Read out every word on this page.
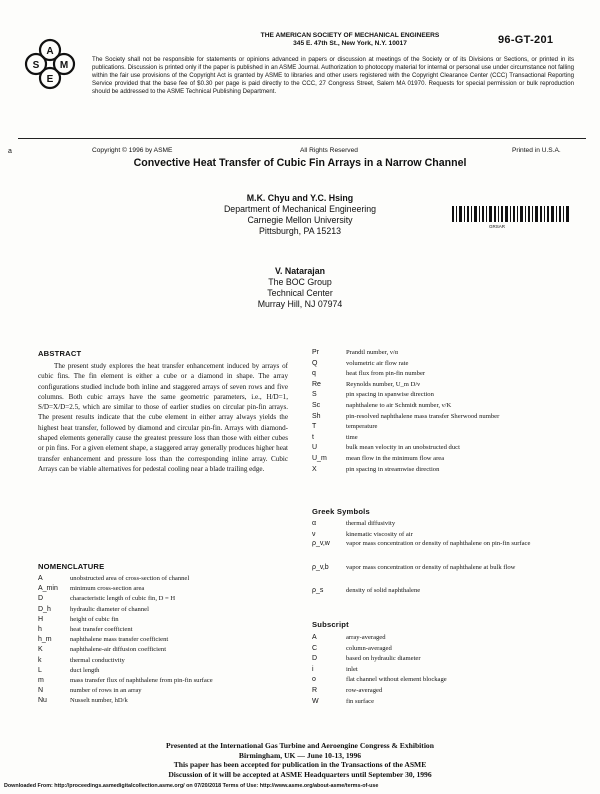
A
S M
E
THE AMERICAN SOCIETY OF MECHANICAL ENGINEERS
345 E. 47th St., New York, N.Y. 10017	96-GT-201
The Society shall not be responsible for statements or opinions advanced in papers or discussion at meetings of the Society or of its Divisions or Sections, or printed in its publications. Discussion is printed only if the paper is published in an ASME Journal. Authorization to photocopy material for internal or personal use under circumstance not falling within the fair use provisions of the Copyright Act is granted by ASME to libraries and other users registered with the Copyright Clearance Center (CCC) Transactional Reporting Service provided that the base fee of $0.30 per page is paid directly to the CCC, 27 Congress Street, Salem MA 01970. Requests for special permission or bulk reproduction should be addressed to the ASME Technical Publishing Department.
a	Copyright © 1996 by ASME	All Rights Reserved	Printed in U.S.A.
Convective Heat Transfer of Cubic Fin Arrays in a Narrow Channel
M.K. Chyu and Y.C. Hsing
Department of Mechanical Engineering
Carnegie Mellon University
Pittsburgh, PA 15213	GRSAR
V. Natarajan
The BOC Group
Technical Center
Murray Hill, NJ 07974
ABSTRACT

The present study explores the heat transfer enhancement induced by arrays of cubic fins. The fin element is either a cube or a diamond in shape. The array configurations studied include both inline and staggered arrays of seven rows and five columns. Both cubic arrays have the same geometric parameters, i.e., H/D=1, S/D=X/D=2.5, which are similar to those of earlier studies on circular pin-fin arrays. The present results indicate that the cube element in either array always yields the highest heat transfer, followed by diamond and circular pin-fin. Arrays with diamond-shaped elements generally cause the greatest pressure loss than those with either cubes or pin fins. For a given element shape, a staggered array generally produces higher heat transfer enhancement and pressure loss than the corresponding inline array. Cubic Arrays can be viable alternatives for pedestal cooling near a blade trailing edge.

NOMENCLATURE
A	unobstructed area of cross-section of channel
A_min	minimum cross-section area
D	characteristic length of cubic fin, D = H
D_h	hydraulic diameter of channel
H	height of cubic fin
h	heat transfer coefficient
h_m	naphthalene mass transfer coefficient
K	naphthalene-air diffusion coefficient
k	thermal conductivity
L	duct length
m	mass transfer flux of naphthalene from pin-fin surface
N	number of rows in an array
Nu	Nusselt number, hD/k
Pr	Prandtl number, ν/α
Q	volumetric air flow rate
q	heat flux from pin-fin number
Re	Reynolds number, U_m D/ν
S	pin spacing in spanwise direction
Sc	naphthalene to air Schmidt number, ν/K
Sh	pin-resolved naphthalene mass transfer Sherwood number
T	temperature
t	time
U	bulk mean velocity in an unobstructed duct
U_m	mean flow in the minimum flow area
X	pin spacing in streamwise direction
Greek Symbols
α	thermal diffusivity
ν	kinematic viscosity of air
ρ_v,w	vapor mass concentration or density of naphthalene on pin-fin surface
ρ_v,b	vapor mass concentration or density of naphthalene at bulk flow
ρ_s	density of solid naphthalene
Subscript
A	array-averaged
C	column-averaged
D	based on hydraulic diameter
i	inlet
o	flat channel without element blockage
R	row-averaged
W	fin surface
Presented at the International Gas Turbine and Aeroengine Congress & Exhibition
Birmingham, UK — June 10-13, 1996
This paper has been accepted for publication in the Transactions of the ASME
Discussion of it will be accepted at ASME Headquarters until September 30, 1996
Downloaded From: http://proceedings.asmedigitalcollection.asme.org/ on 07/20/2018 Terms of Use: http://www.asme.org/about-asme/terms-of-use
